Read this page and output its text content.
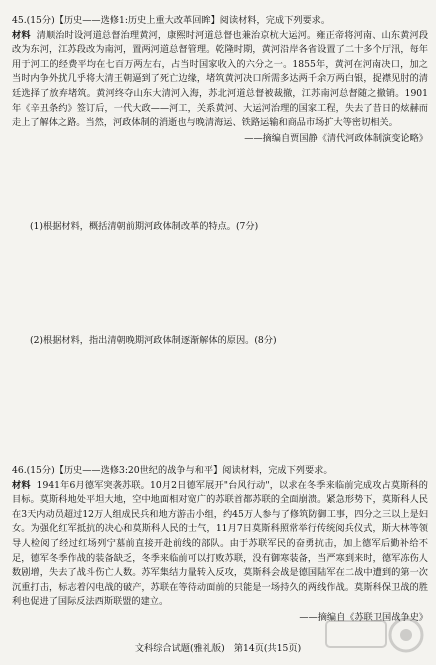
45.(15分)【历史——选修1:历史上重大改革回眸】阅读材料，完成下列要求。
材料 清顺治时设河道总督治理黄河，康熙时河道总督也兼治京杭大运河。雍正帝将河南、山东黄河段改为东河，江苏段改为南河，置两河道总督管理。乾隆时期，黄河沿岸各省设置了二十多个厅汛，每年用于河工的经费平均在七百万两左右，占当时国家收入的六分之一。1855年，黄河在河南决口，加之当时内争外扰几乎将大清王朝逼到了死亡边缘，堵筑黄河决口所需多达两千余万两白银，捉襟见肘的清廷选择了放弃堵筑。黄河终夺山东大清河入海，苏北河道总督被裁撤，江苏南河总督随之撤销。1901年《辛丑条约》签订后，一代大政——河工，关系黄河、大运河治理的国家工程，失去了昔日的炫赫而走上了解体之路。当然，河政体制的消逝也与晚清海运、铁路运输和商品市场扩大等密切相关。
——摘编自贾国静《清代河政体制演变论略》
(1)根据材料，概括清朝前期河政体制改革的特点。(7分)
(2)根据材料，指出清朝晚期河政体制逐渐解体的原因。(8分)
46.(15分)【历史——选修3:20世纪的战争与和平】阅读材料，完成下列要求。
材料 1941年6月德军突袭苏联。10月2日德军展开"台风行动"，以求在冬季来临前完成攻占莫斯科的目标。莫斯科地处平坦大地，空中地面相对宽广的苏联首都苏联的全面崩溃。紧急形势下，莫斯科人民在3天内动员超过12万人组成民兵和地方游击小组，约45万人参与了修筑防御工事，四分之三以上是妇女。为强化红军抵抗的决心和莫斯科人民的士气，11月7日莫斯科照常举行传统阅兵仪式，斯大林等领导人检阅了经过红场列宁墓前直接开赴前线的部队。由于苏联军民的奋勇抗击，加上德军后勤补给不足，德军冬季作战的装备缺乏，冬季来临前可以打败苏联，没有御寒装备，当严寒到来时，德军冻伤人数剧增，失去了战斗伤亡人数。苏军集结力量转入反攻，莫斯科会战是德国陆军在二战中遭到的第一次沉重打击，标志着闪电战的破产，苏联在等待动面前的只能是一场持久的两线作战。莫斯科保卫战的胜利也促进了国际反法西斯联盟的建立。
——摘编自《苏联卫国战争史》
文科综合试题(雅礼版)　第14页(共15页)
